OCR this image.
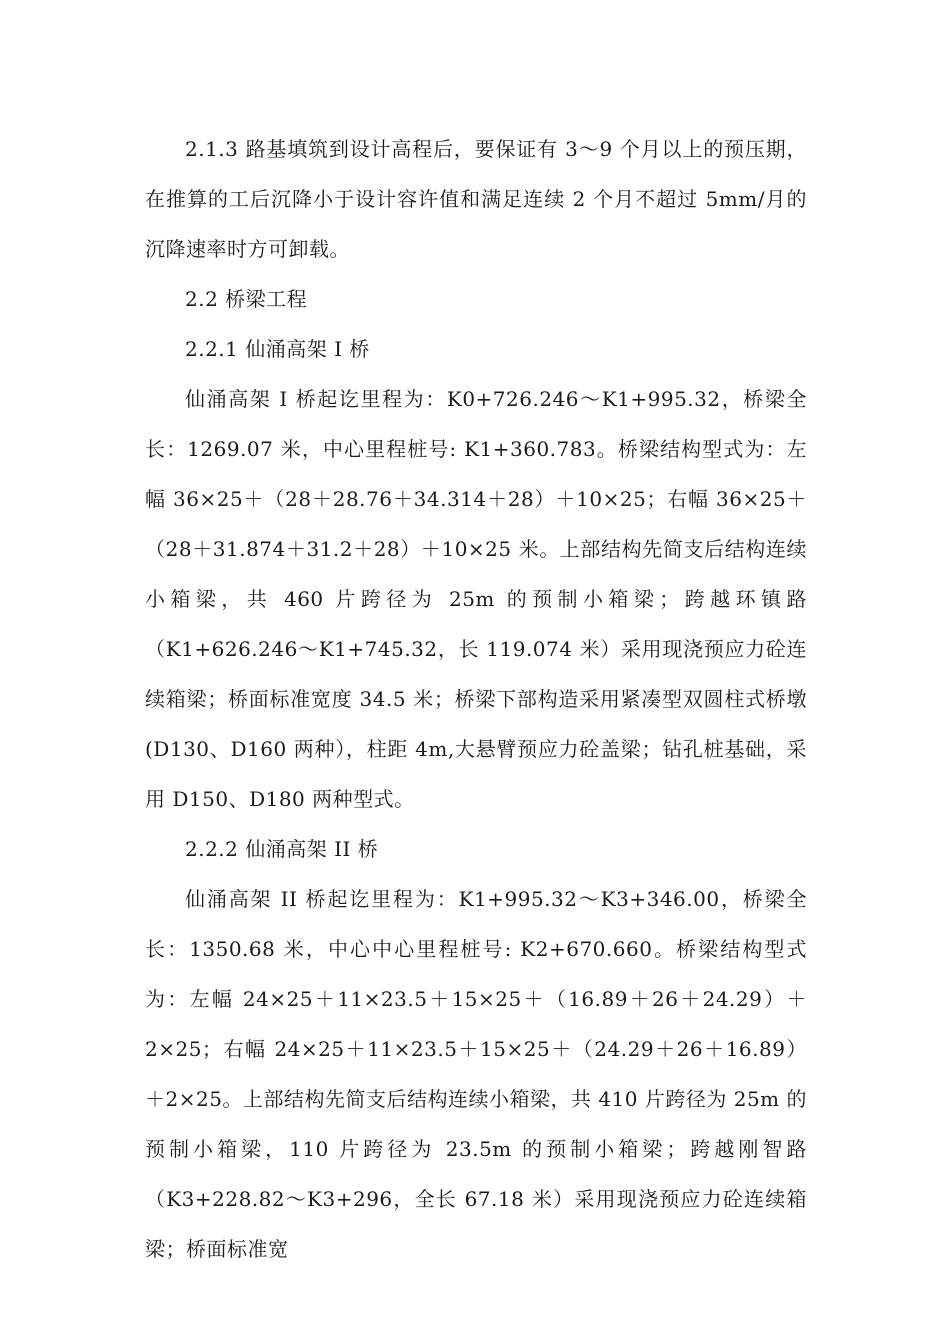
2.1.3 路基填筑到设计高程后，要保证有 3～9 个月以上的预压期，在推算的工后沉降小于设计容许值和满足连续 2 个月不超过 5mm/月的沉降速率时方可卸载。

2.2 桥梁工程

2.2.1 仙涌高架 I 桥

仙涌高架 I 桥起讫里程为：K0+726.246～K1+995.32，桥梁全长：1269.07 米，中心里程桩号: K1+360.783。桥梁结构型式为：左幅 36×25＋（28＋28.76＋34.314＋28）＋10×25；右幅 36×25＋（28＋31.874＋31.2＋28）＋10×25 米。上部结构先简支后结构连续小箱梁，共 460 片跨径为 25m 的预制小箱梁；跨越环镇路（K1+626.246～K1+745.32，长 119.074 米）采用现浇预应力砼连续箱梁；桥面标准宽度 34.5 米；桥梁下部构造采用紧凑型双圆柱式桥墩(D130、D160 两种），柱距 4m,大悬臂预应力砼盖梁；钻孔桩基础，采用 D150、D180 两种型式。

2.2.2 仙涌高架 II 桥

仙涌高架 II 桥起讫里程为：K1+995.32～K3+346.00，桥梁全长：1350.68 米，中心中心里程桩号: K2+670.660。桥梁结构型式为：左幅 24×25＋11×23.5＋15×25＋（16.89＋26＋24.29）＋2×25；右幅 24×25＋11×23.5＋15×25＋（24.29＋26＋16.89）＋2×25。上部结构先简支后结构连续小箱梁，共 410 片跨径为 25m 的预制小箱梁，110 片跨径为 23.5m 的预制小箱梁；跨越刚智路（K3+228.82～K3+296，全长 67.18 米）采用现浇预应力砼连续箱梁；桥面标准宽
